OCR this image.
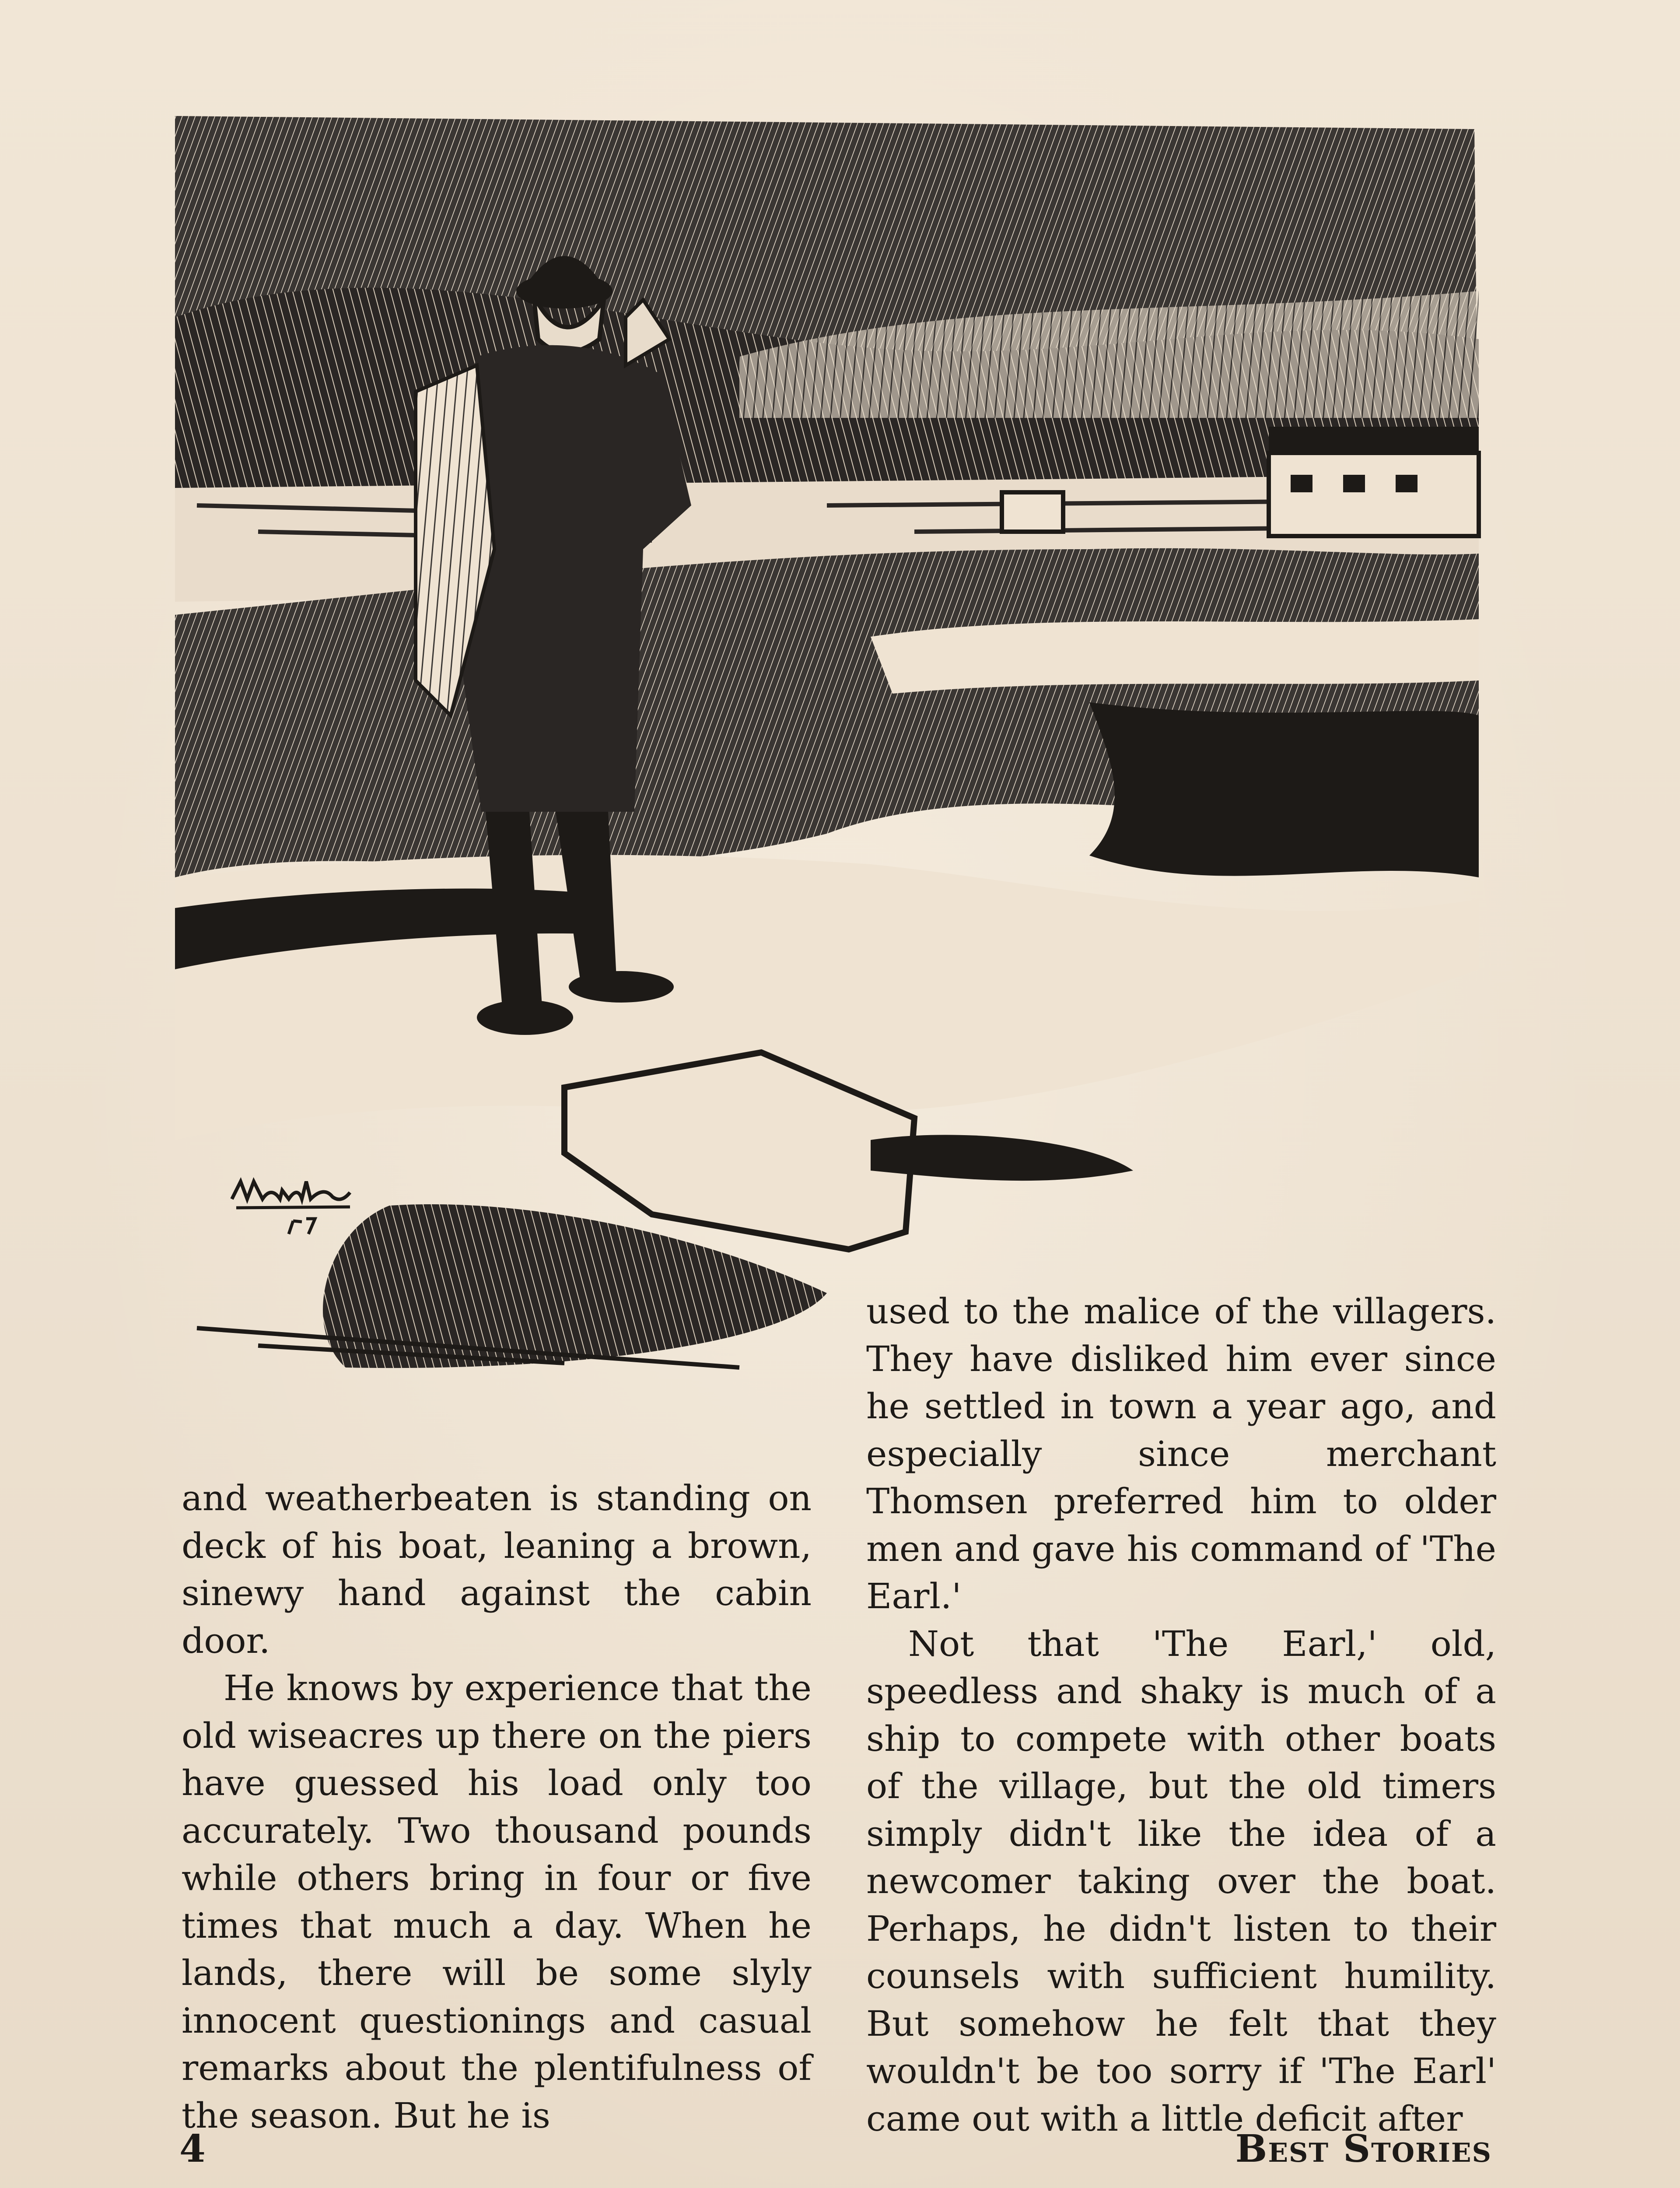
and weatherbeaten is standing on deck of his boat, leaning a brown, sinewy hand against the cabin door.

He knows by experience that the old wiseacres up there on the piers have guessed his load only too accurately. Two thousand pounds while others bring in four or five times that much a day. When he lands, there will be some slyly innocent questionings and casual remarks about the plentifulness of the season. But he is

used to the malice of the villagers. They have disliked him ever since he settled in town a year ago, and especially since merchant Thomsen preferred him to older men and gave his command of 'The Earl.'

Not that 'The Earl,' old, speedless and shaky is much of a ship to compete with other boats of the village, but the old timers simply didn't like the idea of a newcomer taking over the boat. Perhaps, he didn't listen to their counsels with sufficient humility. But somehow he felt that they wouldn't be too sorry if 'The Earl' came out with a little deficit after

4	Best Stories
